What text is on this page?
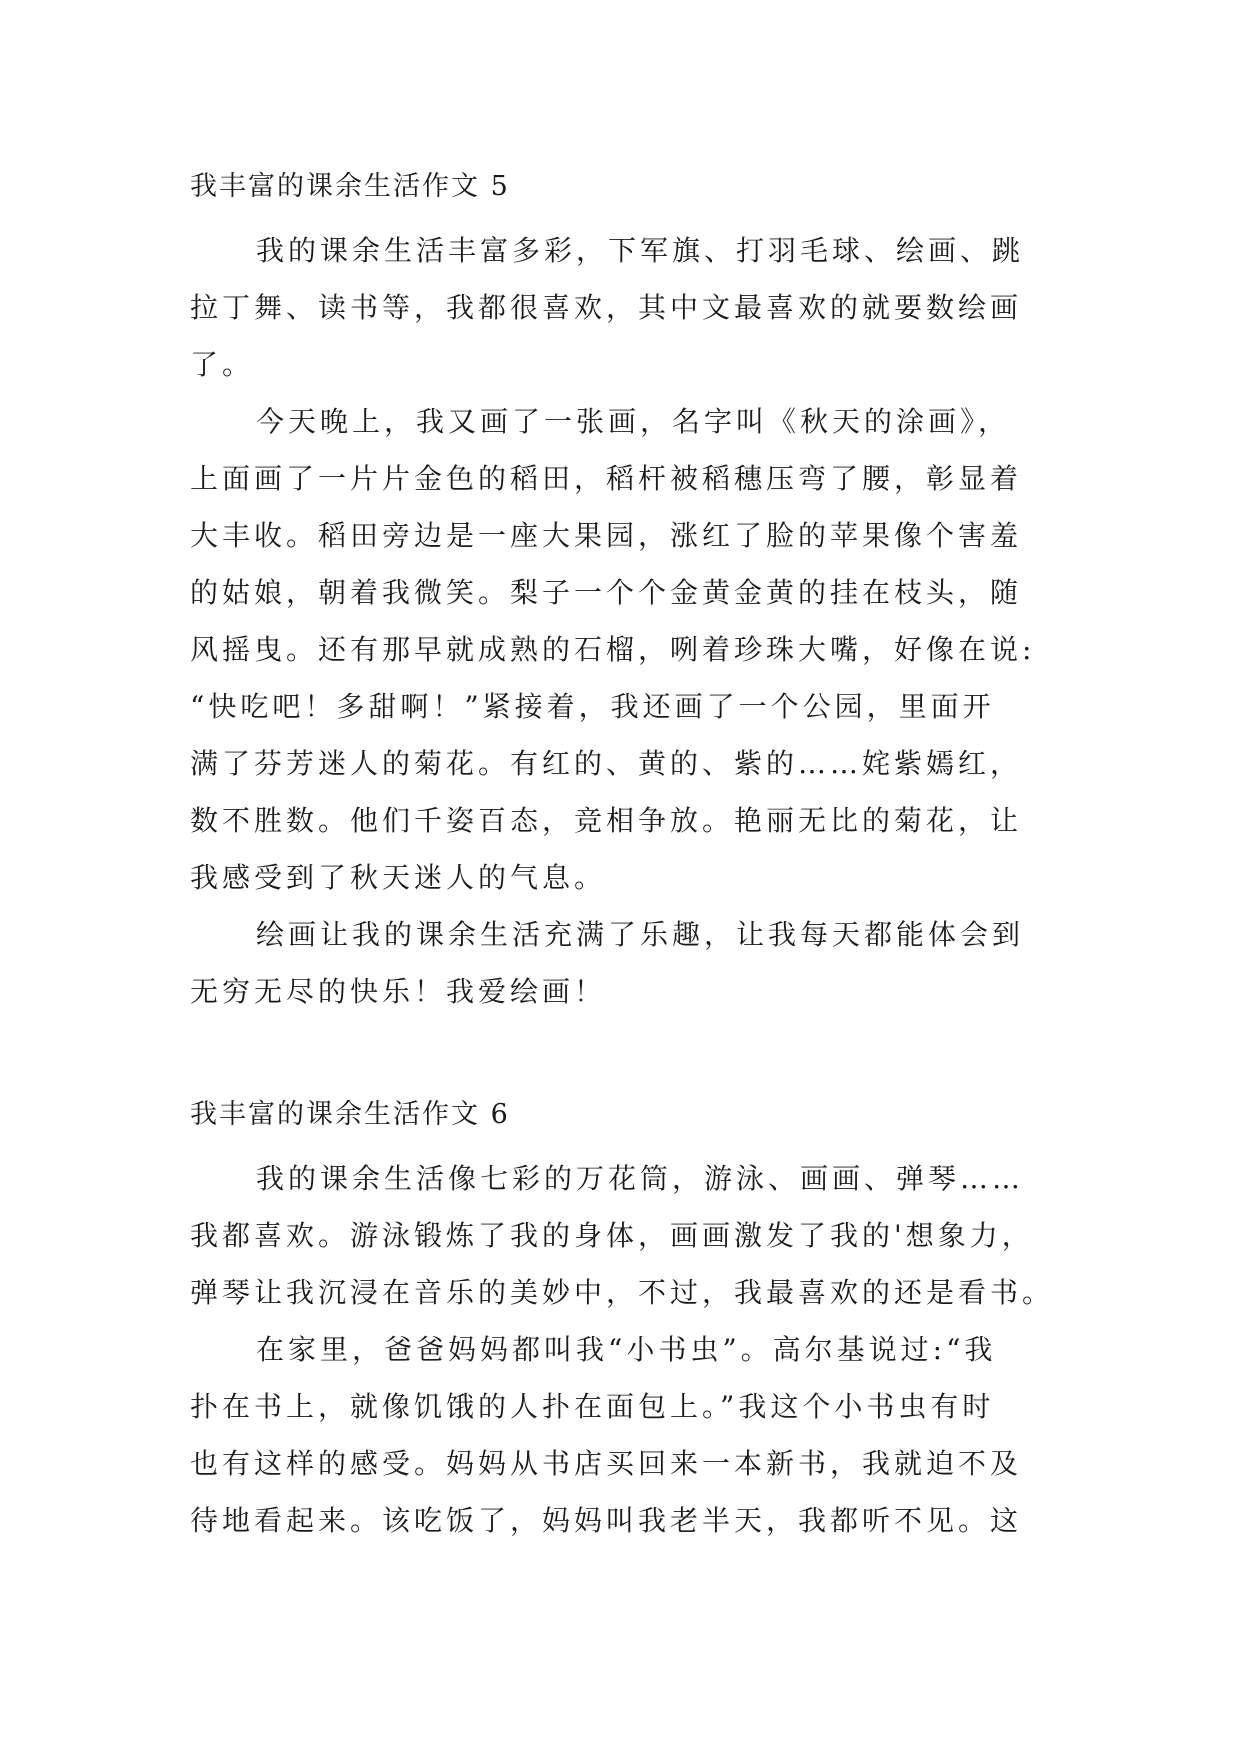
我丰富的课余生活作文 5

我的课余生活丰富多彩，下军旗、打羽毛球、绘画、跳

拉丁舞、读书等，我都很喜欢，其中文最喜欢的就要数绘画

了。

今天晚上，我又画了一张画，名字叫《秋天的涂画》，

上面画了一片片金色的稻田，稻杆被稻穗压弯了腰，彰显着

大丰收。稻田旁边是一座大果园，涨红了脸的苹果像个害羞

的姑娘，朝着我微笑。梨子一个个金黄金黄的挂在枝头，随

风摇曳。还有那早就成熟的石榴，咧着珍珠大嘴，好像在说:

“快吃吧！多甜啊！”紧接着，我还画了一个公园，里面开

满了芬芳迷人的菊花。有红的、黄的、紫的……姹紫嫣红，

数不胜数。他们千姿百态，竞相争放。艳丽无比的菊花，让

我感受到了秋天迷人的气息。

绘画让我的课余生活充满了乐趣，让我每天都能体会到

无穷无尽的快乐！我爱绘画！

我丰富的课余生活作文 6

我的课余生活像七彩的万花筒，游泳、画画、弹琴……

我都喜欢。游泳锻炼了我的身体，画画激发了我的'想象力，

弹琴让我沉浸在音乐的美妙中，不过，我最喜欢的还是看书。

在家里，爸爸妈妈都叫我“小书虫”。高尔基说过:“我

扑在书上，就像饥饿的人扑在面包上。”我这个小书虫有时

也有这样的感受。妈妈从书店买回来一本新书，我就迫不及

待地看起来。该吃饭了，妈妈叫我老半天，我都听不见。这
